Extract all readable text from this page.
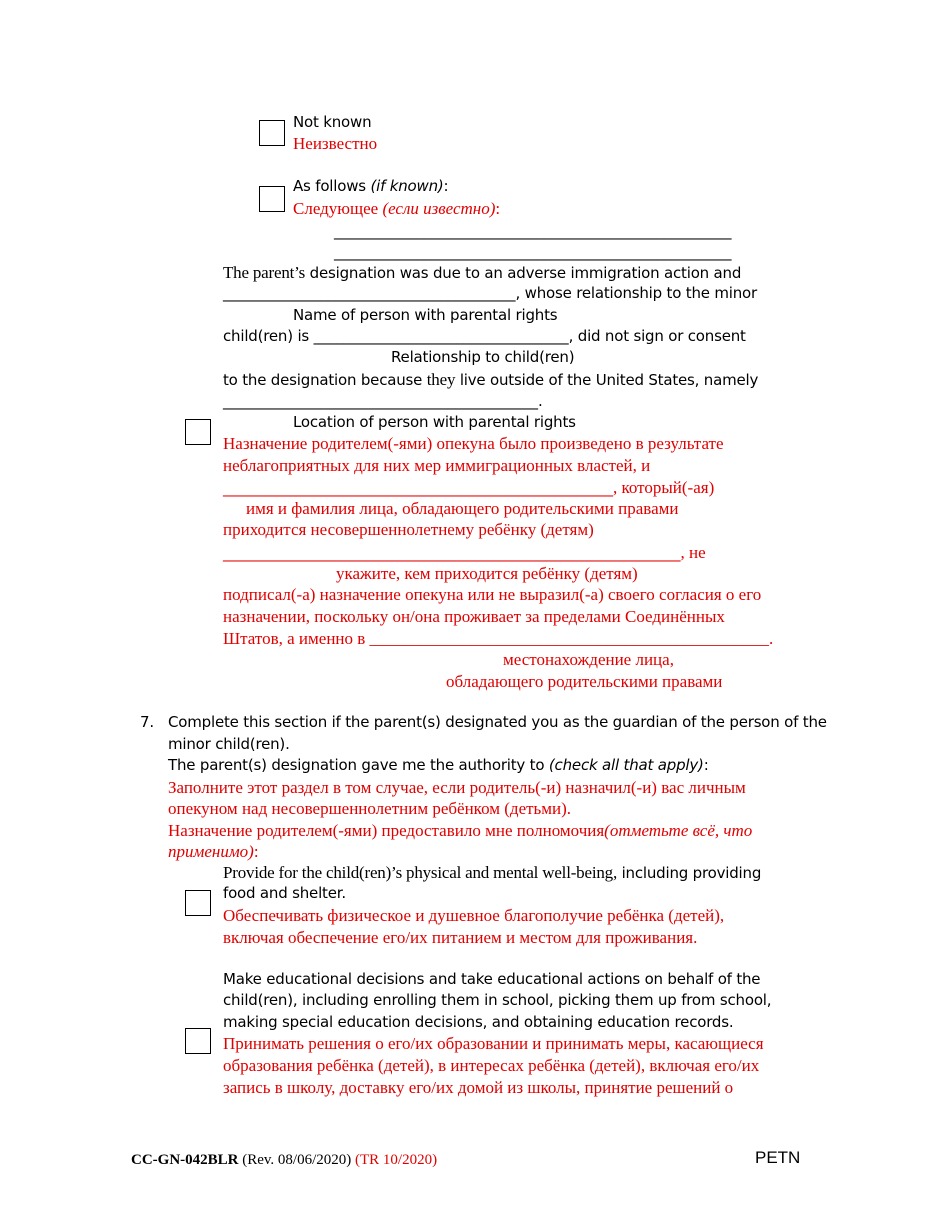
Not known
Неизвестно
As follows (if known):
Следующее (если известно):
_____________________________________________________
_____________________________________________________
The parent’s designation was due to an adverse immigration action and
_______________________________________, whose relationship to the minor
Name of person with parental rights
child(ren) is __________________________________, did not sign or consent
Relationship to child(ren)
to the designation because they live outside of the United States, namely
__________________________________________.
Location of person with parental rights
Назначение родителем(-ями) опекуна было произведено в результате
неблагоприятных для них мер иммиграционных властей, и
____________________________________________________, который(-ая)
имя и фамилия лица, обладающего родительскими правами
приходится несовершеннолетнему ребёнку (детям)
_____________________________________________________________, не
укажите, кем приходится ребёнку (детям)
подписал(-а) назначение опекуна или не выразил(-а) своего согласия о его
назначении, поскольку он/она проживает за пределами Соединённых
Штатов, а именно в _______________________________________________.
местонахождение лица,
обладающего родительскими правами
7. Complete this section if the parent(s) designated you as the guardian of the person of the
minor child(ren).
The parent(s) designation gave me the authority to (check all that apply):
Заполните этот раздел в том случае, если родитель(-и) назначил(-и) вас личным
опекуном над несовершеннолетним ребёнком (детьми).
Назначение родителем(-ями) предоставило мне полномочия(отметьте всё, что
применимо):
Provide for the child(ren)’s physical and mental well-being, including providing
food and shelter.
Обеспечивать физическое и душевное благополучие ребёнка (детей),
включая обеспечение его/их питанием и местом для проживания.
Make educational decisions and take educational actions on behalf of the
child(ren), including enrolling them in school, picking them up from school,
making special education decisions, and obtaining education records.
Принимать решения о его/их образовании и принимать меры, касающиеся
образования ребёнка (детей), в интересах ребёнка (детей), включая его/их
запись в школу, доставку его/их домой из школы, принятие решений о
CC-GN-042BLR (Rev. 08/06/2020) (TR 10/2020)	PETN
